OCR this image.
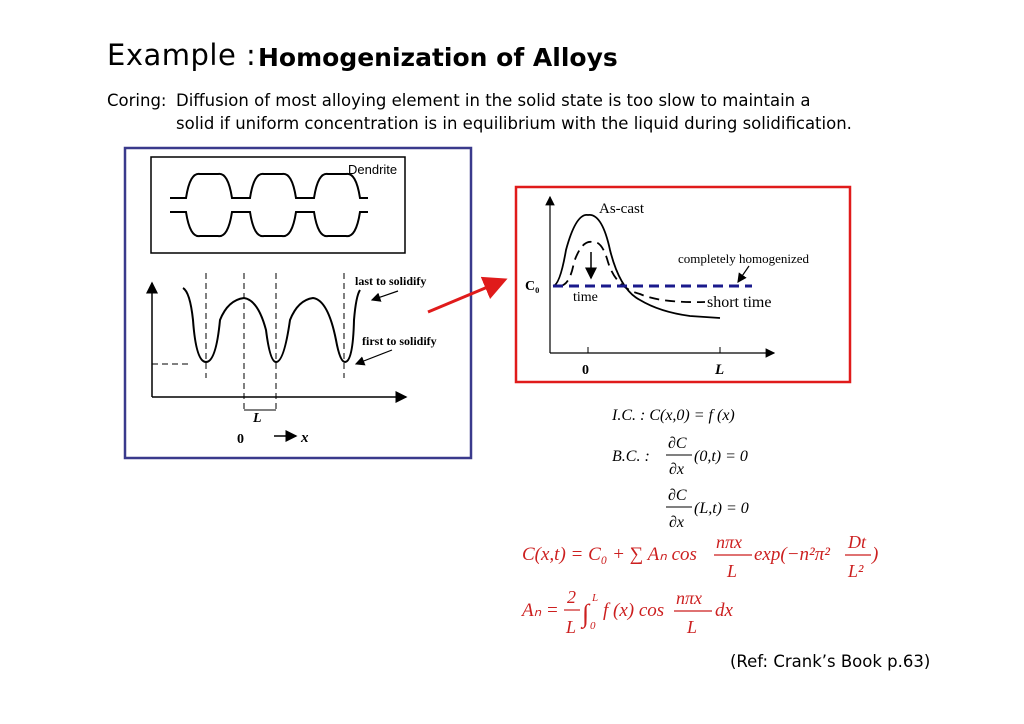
Example : Homogenization of Alloys
Coring: Diffusion of most alloying element in the solid state is too slow to maintain a
solid if uniform concentration is in equilibrium with the liquid during solidification.
Dendrite
last to solidify
first to solidify
L
0	x
As-cast
completely homogenized
C₀
time	short time
0	L
I.C. : C(x,0) = f (x)
B.C. :
∂C
∂x
(0,t) = 0
∂C
∂x
(L,t) = 0
C(x,t) = C₀ + ∑ Aₙ cos
nπx
L
exp(−n²π²
Dt
L²
)
Aₙ =
2
L ∫
L
0
f (x) cos
nπx
L
dx
(Ref: Crank’s Book p.63)
